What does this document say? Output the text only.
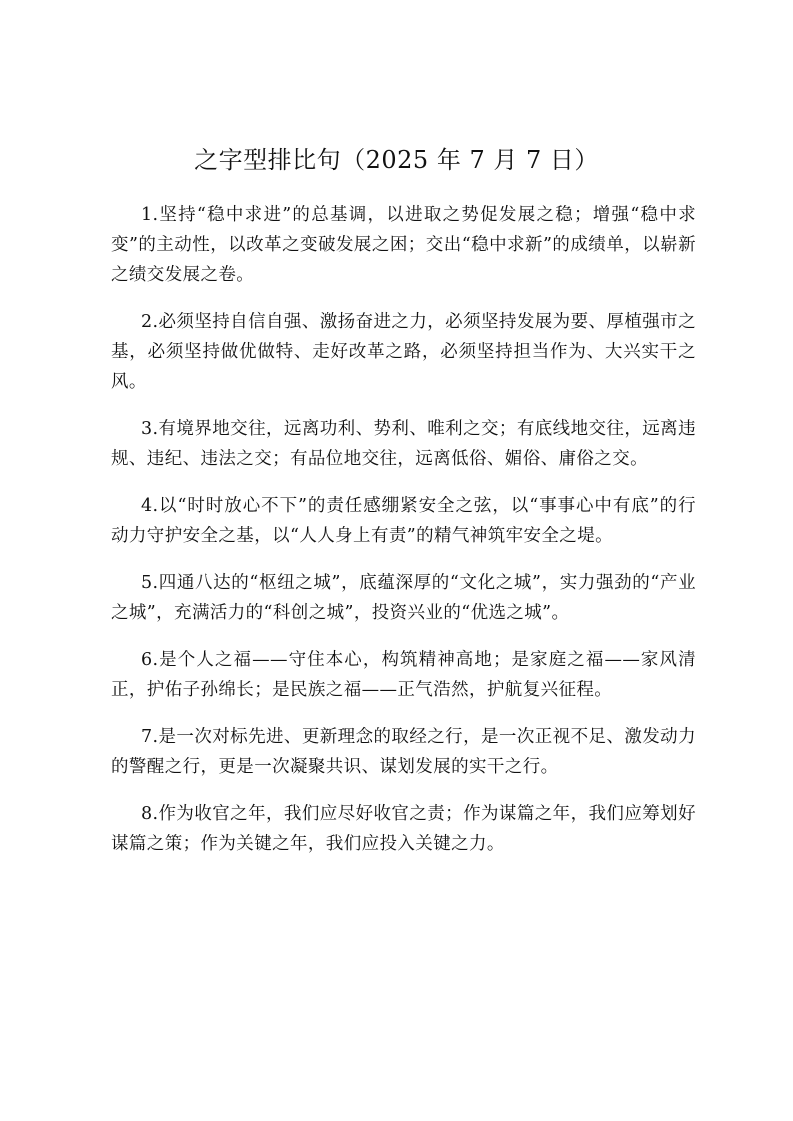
之字型排比句（2025 年 7 月 7 日）

1.坚持“稳中求进”的总基调，以进取之势促发展之稳；增强“稳中求变”的主动性，以改革之变破发展之困；交出“稳中求新”的成绩单，以崭新之绩交发展之卷。

2.必须坚持自信自强、激扬奋进之力，必须坚持发展为要、厚植强市之基，必须坚持做优做特、走好改革之路，必须坚持担当作为、大兴实干之风。

3.有境界地交往，远离功利、势利、唯利之交；有底线地交往，远离违规、违纪、违法之交；有品位地交往，远离低俗、媚俗、庸俗之交。

4.以“时时放心不下”的责任感绷紧安全之弦，以“事事心中有底”的行动力守护安全之基，以“人人身上有责”的精气神筑牢安全之堤。

5.四通八达的“枢纽之城”，底蕴深厚的“文化之城”，实力强劲的“产业之城”，充满活力的“科创之城”，投资兴业的“优选之城”。

6.是个人之福——守住本心，构筑精神高地；是家庭之福——家风清正，护佑子孙绵长；是民族之福——正气浩然，护航复兴征程。

7.是一次对标先进、更新理念的取经之行，是一次正视不足、激发动力的警醒之行，更是一次凝聚共识、谋划发展的实干之行。

8.作为收官之年，我们应尽好收官之责；作为谋篇之年，我们应筹划好谋篇之策；作为关键之年，我们应投入关键之力。
